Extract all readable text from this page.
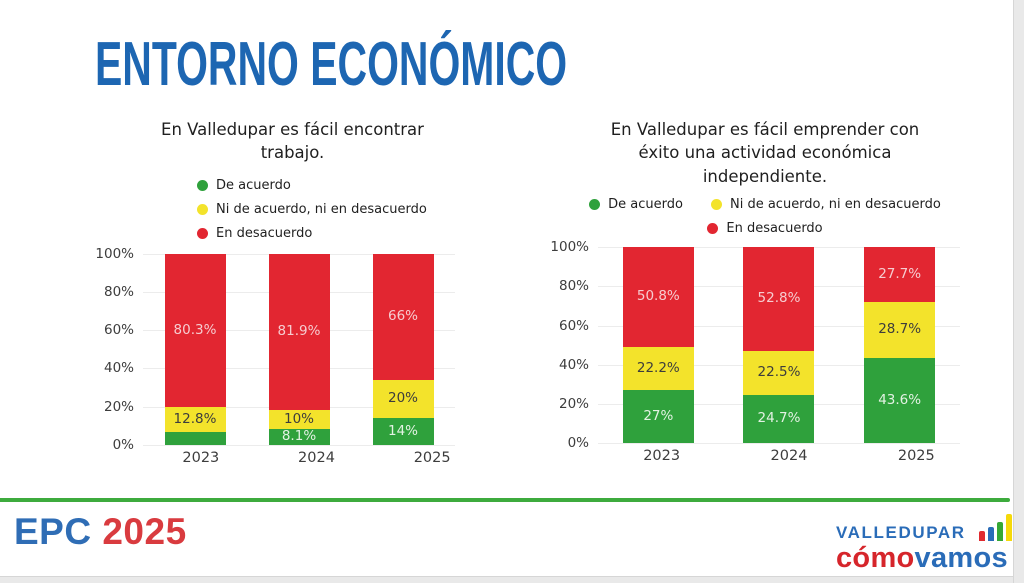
ENTORNO ECONÓMICO
En Valledupar es fácil encontrar trabajo.
De acuerdo
Ni de acuerdo, ni en desacuerdo
En desacuerdo
100%
80%
60%
40%
20%
0%
80.3%
12.8%
81.9%
10%
8.1%
66%
20%
14%
2023	2024	2025
En Valledupar es fácil emprender con éxito una actividad económica independiente.
De acuerdo	Ni de acuerdo, ni en desacuerdo
En desacuerdo
100%
80%
60%
40%
20%
0%
50.8%
22.2%
27%
52.8%
22.5%
24.7%
27.7%
28.7%
43.6%
2023	2024	2025

EPC 2025	VALLEDUPAR
cómovamos
